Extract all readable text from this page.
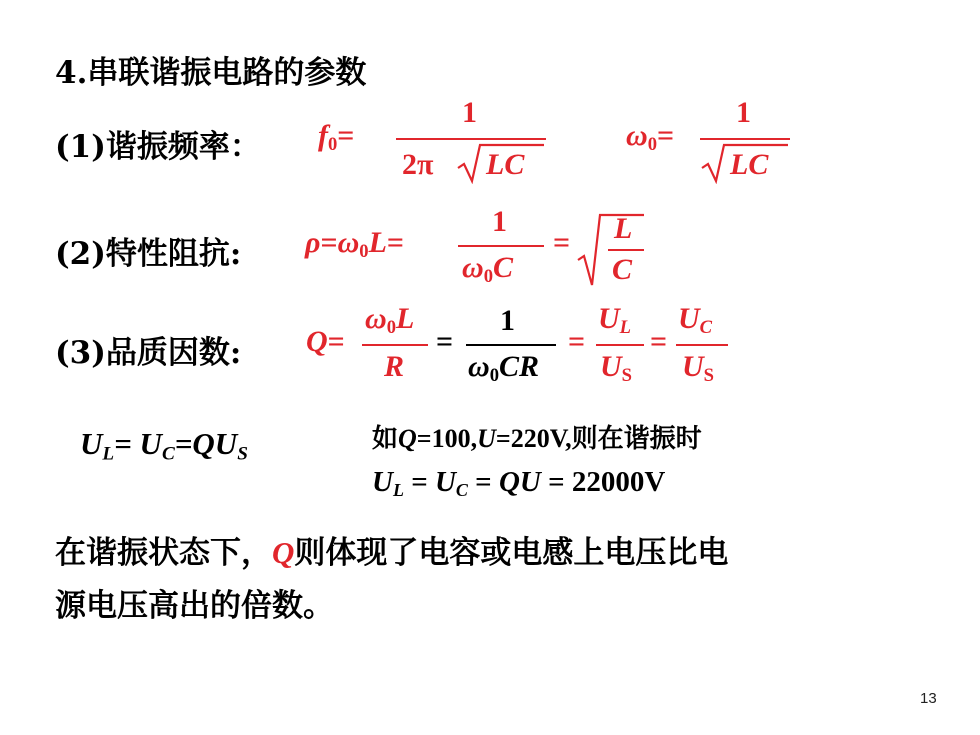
4.串联谐振电路的参数
(1)谐振频率： $f_0=$
1
2π LC
$\omega_0=$
1
LC
(2)特性阻抗: $\rho=\omega_0L=$
1
$\omega_0C$
= L
C
(3)品质因数: Q=
$\omega_0L$
R
=
1
$\omega_0CR$
=
$U_L$
$U_S$
=
$U_C$
$U_S$
$U_L= U_C=QU_S$
如Q=100,U=220V,则在谐振时
$U_L = U_C$ = QU = 22000V
在谐振状态下，Q则体现了电容或电感上电压比电
源电压高出的倍数。
13
